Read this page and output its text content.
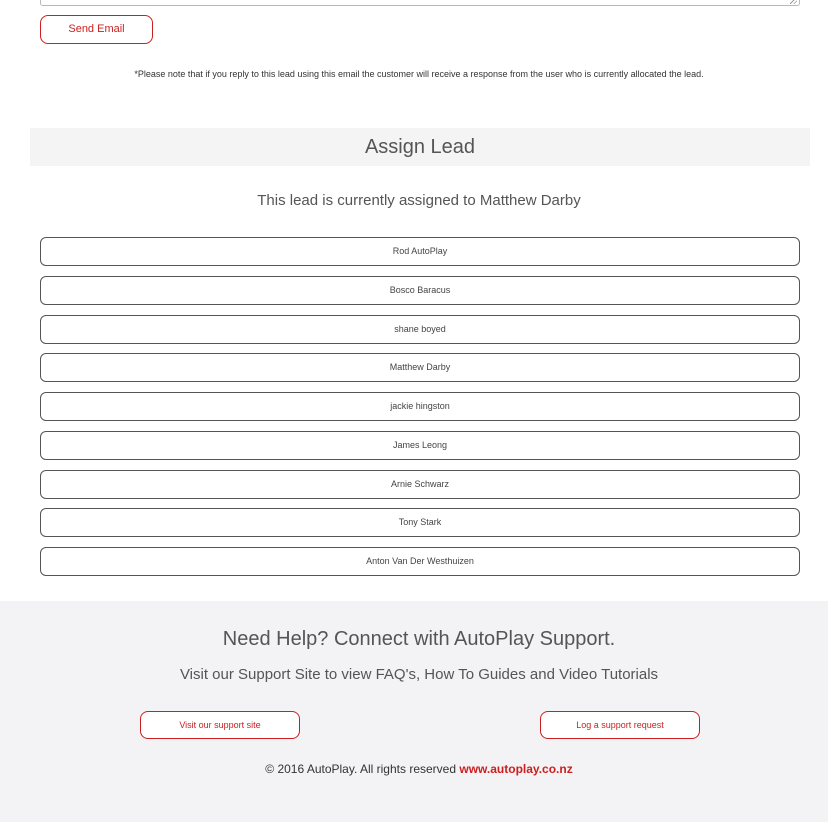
Send Email
*Please note that if you reply to this lead using this email the customer will receive a response from the user who is currently allocated the lead.
Assign Lead
This lead is currently assigned to Matthew Darby
Rod AutoPlay
Bosco Baracus
shane boyed
Matthew Darby
jackie hingston
James Leong
Arnie Schwarz
Tony Stark
Anton Van Der Westhuizen
Need Help? Connect with AutoPlay Support.
Visit our Support Site to view FAQ's, How To Guides and Video Tutorials
Visit our support site	Log a support request
© 2016 AutoPlay. All rights reserved www.autoplay.co.nz
